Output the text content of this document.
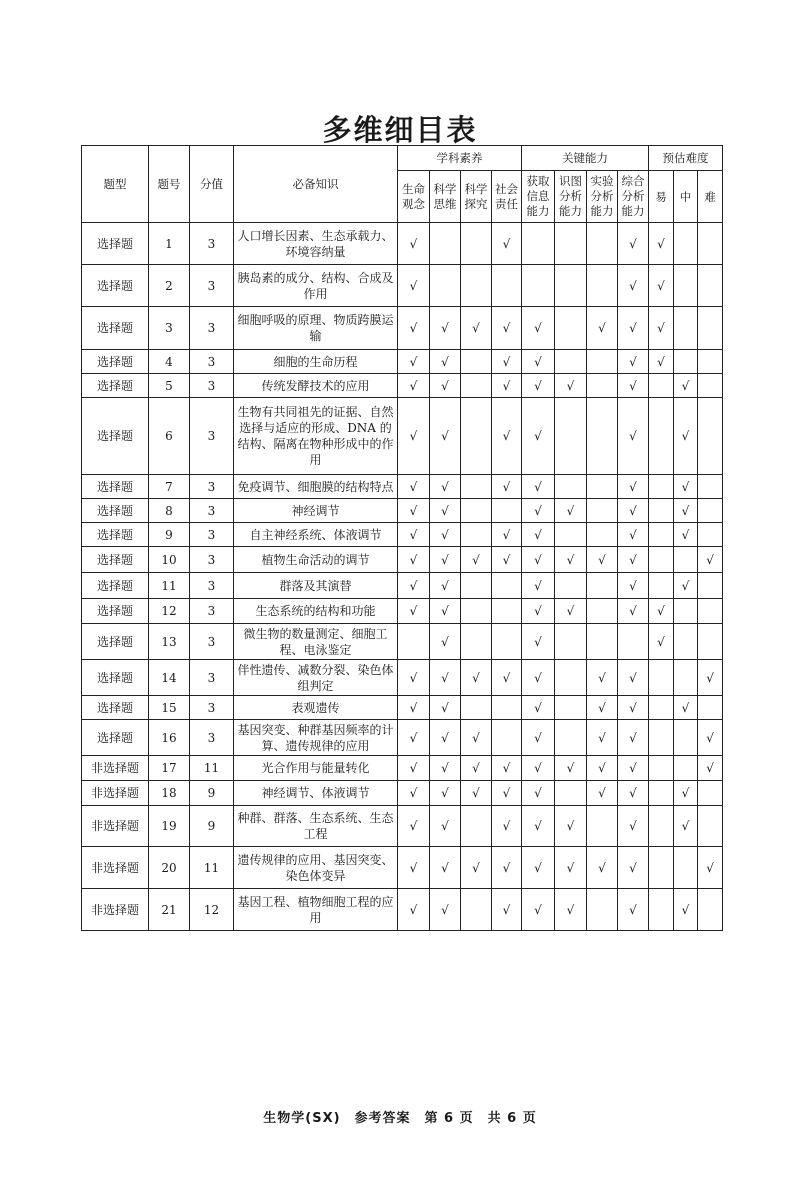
多维细目表
题型	题号	分值	必备知识	学科素养				关键能力				预估难度		
				生命观念	科学思维	科学探究	社会责任	获取信息能力	识图分析能力	实验分析能力	综合分析能力	易	中	难
选择题	1	3	人口增长因素、生态承载力、环境容纳量	√			√				√	√		
选择题	2	3	胰岛素的成分、结构、合成及作用	√							√	√		
选择题	3	3	细胞呼吸的原理、物质跨膜运输	√	√	√	√	√		√	√	√		
选择题	4	3	细胞的生命历程	√	√		√	√			√	√		
选择题	5	3	传统发酵技术的应用	√	√		√	√	√		√		√	
选择题	6	3	生物有共同祖先的证据、自然选择与适应的形成、DNA 的结构、隔离在物种形成中的作用	√	√		√	√			√		√	
选择题	7	3	免疫调节、细胞膜的结构特点	√	√		√	√			√		√	
选择题	8	3	神经调节	√	√			√	√		√		√	
选择题	9	3	自主神经系统、体液调节	√	√		√	√			√		√	
选择题	10	3	植物生命活动的调节	√	√	√	√	√	√	√	√			√
选择题	11	3	群落及其演替	√	√			√			√		√	
选择题	12	3	生态系统的结构和功能	√	√			√	√		√	√		
选择题	13	3	微生物的数量测定、细胞工程、电泳鉴定		√			√				√		
选择题	14	3	伴性遗传、减数分裂、染色体组判定	√	√	√	√	√		√	√			√
选择题	15	3	表观遗传	√	√			√		√	√		√	
选择题	16	3	基因突变、种群基因频率的计算、遗传规律的应用	√	√	√		√		√	√			√
非选择题	17	11	光合作用与能量转化	√	√	√	√	√	√	√	√			√
非选择题	18	9	神经调节、体液调节	√	√	√	√	√		√	√		√	
非选择题	19	9	种群、群落、生态系统、生态工程	√	√		√	√	√		√		√	
非选择题	20	11	遗传规律的应用、基因突变、染色体变异	√	√	√	√	√	√	√	√			√
非选择题	21	12	基因工程、植物细胞工程的应用	√	√		√	√	√		√		√	
生物学(SX)　参考答案　第 6 页　共 6 页
